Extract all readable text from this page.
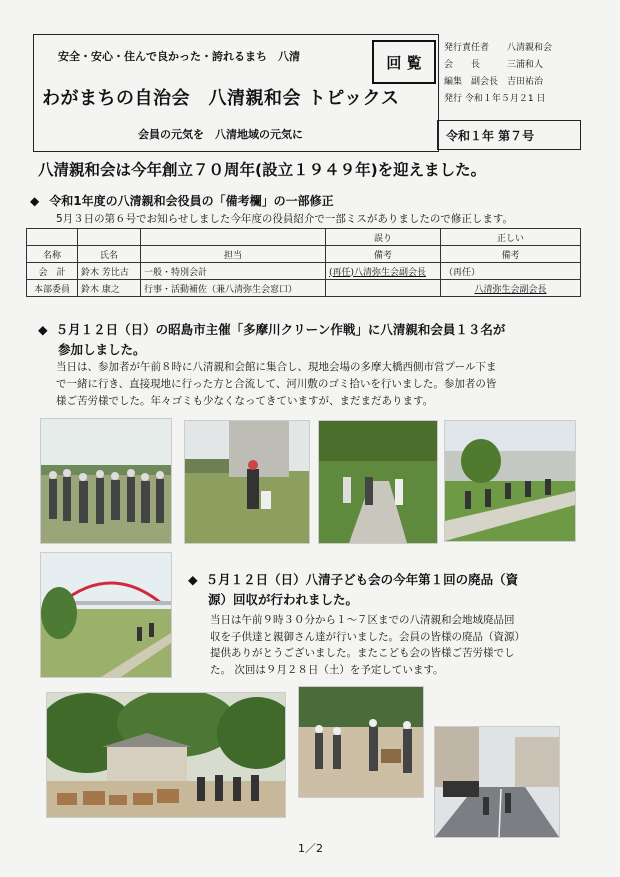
安全・安心・住んで良かった・誇れるまち　八清	回 覧
わがまちの自治会　八清親和会 トピックス
会員の元気を　八清地域の元気に
発行責任者　　八清親和会
会　　長　　　三浦和人
編集　副会長　吉田祐治
発行 令和１年５月２1 日
令和１年 第７号
八清親和会は今年創立７０周年(設立１９４９年)を迎えました。
◆ 令和1年度の八清親和会役員の「備考欄」の一部修正
5月３日の第６号でお知らせしました今年度の役員紹介で一部ミスがありましたので修正します。
			誤り	正しい
名称	氏名	担当	備考	備考
会　計	鈴木 芳比古	一般・特別会計	(再任)八清弥生会副会長	（再任）
本部委員	鈴木 康之	行事・活動補佐（兼八清弥生会窓口）		八清弥生会副会長
◆ ５月１２日（日）の昭島市主催「多摩川クリーン作戦」に八清親和会員１３名が
参加しました。
当日は、参加者が午前８時に八清親和会館に集合し、現地会場の多摩大橋西側市営プール下ま
で一緒に行き、直接現地に行った方と合流して、河川敷のゴミ拾いを行いました。参加者の皆
様ご苦労様でした。年々ゴミも少なくなってきていますが、まだまだあります。
◆ ５月１２日（日）八清子ども会の今年第１回の廃品（資
源）回収が行われました。
当日は午前９時３０分から１～７区までの八清親和会地域廃品回
収を子供達と親御さん達が行いました。会員の皆様の廃品（資源）
提供ありがとうございました。またこども会の皆様ご苦労様でし
た。 次回は９月２８日（土）を予定しています。
1／2
